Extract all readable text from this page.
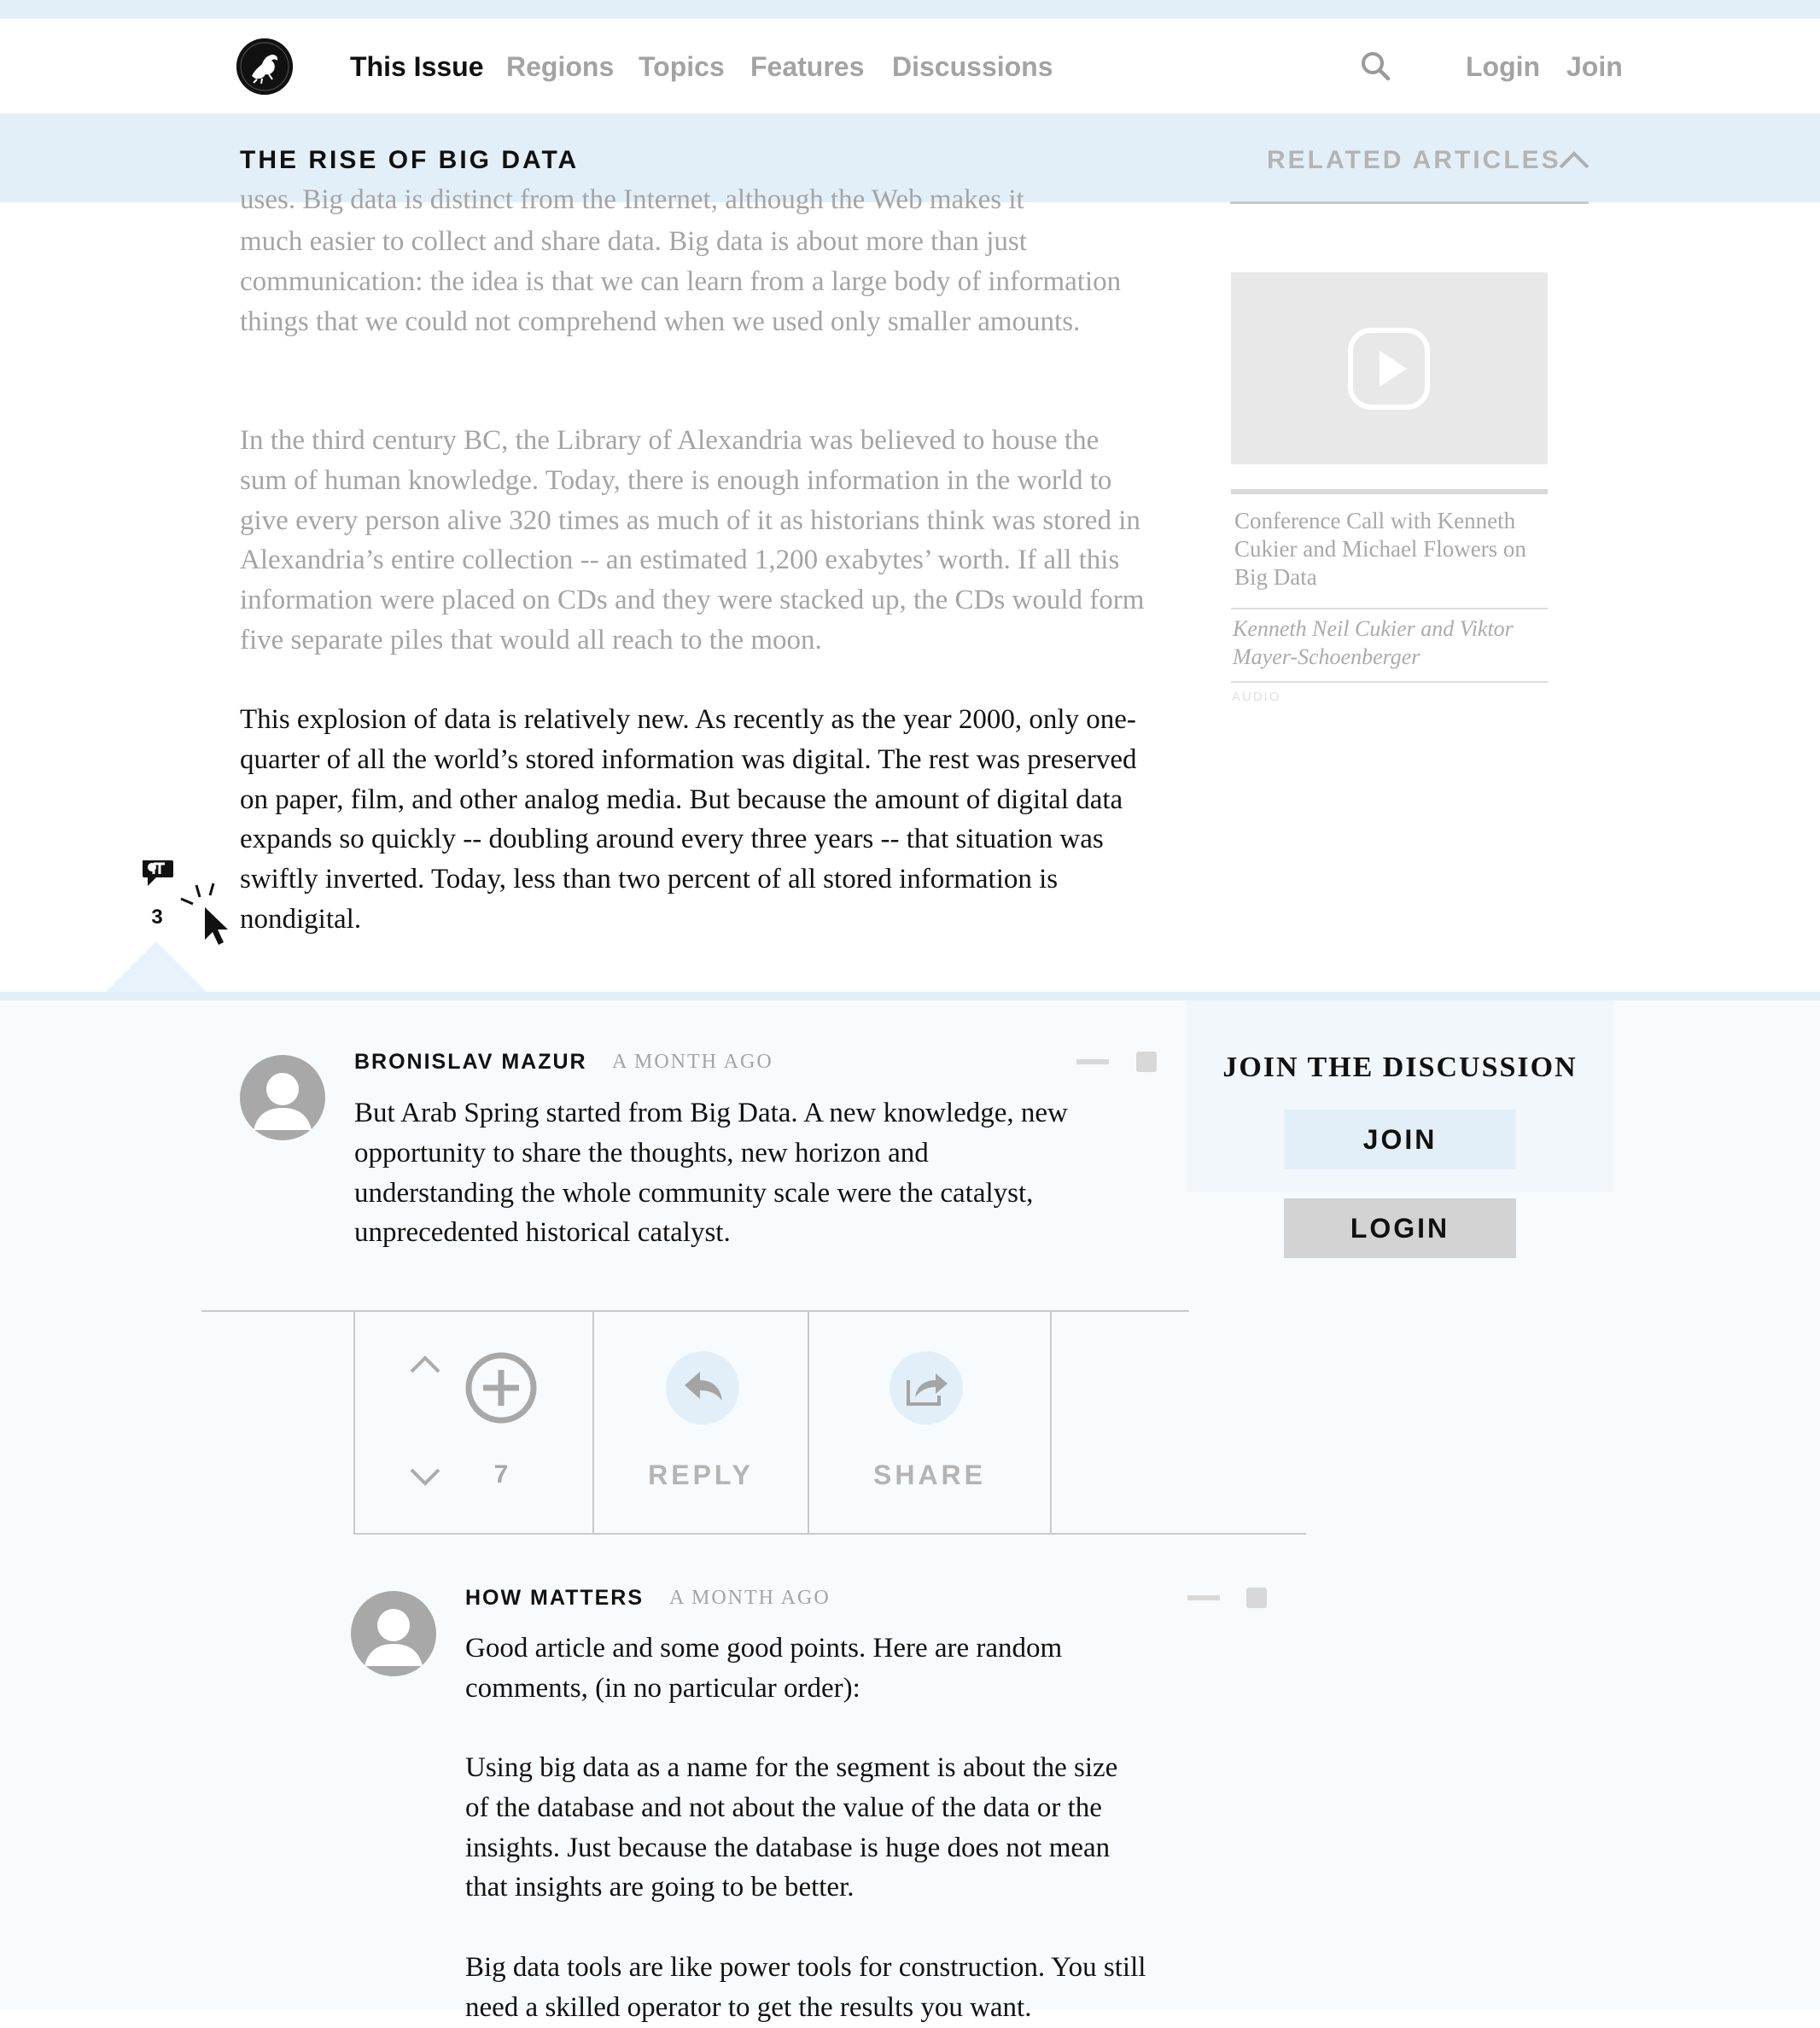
This Issue Regions Topics Features Discussions	Login Join
THE RISE OF BIG DATA	RELATED ARTICLES
uses. Big data is distinct from the Internet, although the Web makes it
much easier to collect and share data. Big data is about more than just communication: the idea is that we can learn from a large body of information things that we could not comprehend when we used only smaller amounts.
In the third century BC, the Library of Alexandria was believed to house the sum of human knowledge. Today, there is enough information in the world to give every person alive 320 times as much of it as historians think was stored in Alexandria’s entire collection -- an estimated 1,200 exabytes’ worth. If all this information were placed on CDs and they were stacked up, the CDs would form five separate piles that would all reach to the moon.
This explosion of data is relatively new. As recently as the year 2000, only one-quarter of all the world’s stored information was digital. The rest was preserved on paper, film, and other analog media. But because the amount of digital data expands so quickly -- doubling around every three years -- that situation was swiftly inverted. Today, less than two percent of all stored information is nondigital.
Conference Call with Kenneth Cukier and Michael Flowers on Big Data
Kenneth Neil Cukier and Viktor Mayer-Schoenberger
AUDIO
3
BRONISLAV MAZUR A MONTH AGO
But Arab Spring started from Big Data. A new knowledge, new opportunity to share the thoughts, new horizon and understanding the whole community scale were the catalyst, unprecedented historical catalyst.
JOIN THE DISCUSSION
JOIN
LOGIN
7	REPLY	SHARE
HOW MATTERS A MONTH AGO
Good article and some good points. Here are random comments, (in no particular order):
Using big data as a name for the segment is about the size of the database and not about the value of the data or the insights. Just because the database is huge does not mean that insights are going to be better.
Big data tools are like power tools for construction. You still need a skilled operator to get the results you want.
